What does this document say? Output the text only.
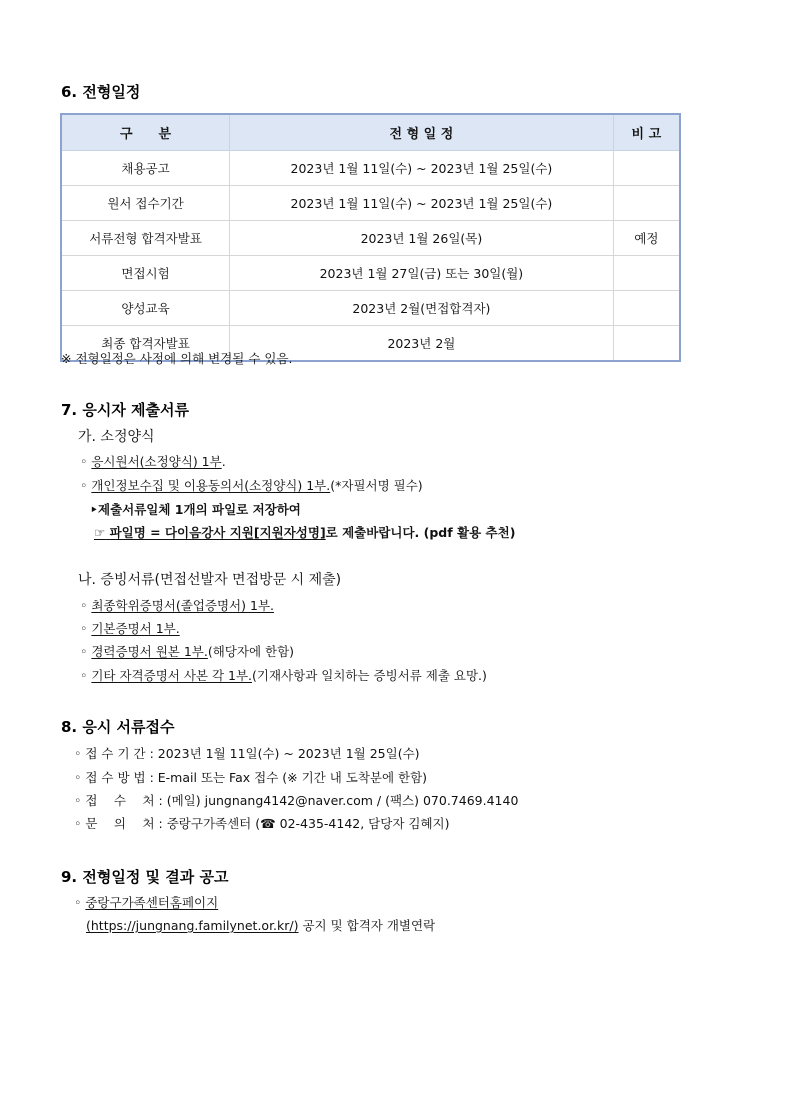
6. 전형일정
구　　분	전 형 일 정	비 고
채용공고	2023년 1월 11일(수) ~ 2023년 1월 25일(수)	
원서 접수기간	2023년 1월 11일(수) ~ 2023년 1월 25일(수)	
서류전형 합격자발표	2023년 1월 26일(목)	예정
면접시험	2023년 1월 27일(금) 또는 30일(월)	
양성교육	2023년 2월(면접합격자)	
최종 합격자발표	2023년 2월	
※ 전형일정은 사정에 의해 변경될 수 있음.
7. 응시자 제출서류
가. 소정양식
◦ 응시원서(소정양식) 1부.
◦ 개인정보수집 및 이용동의서(소정양식) 1부.(*자필서명 필수)
‣제출서류일체 1개의 파일로 저장하여
☞ 파일명 = 다이음강사 지원[지원자성명]로 제출바랍니다. (pdf 활용 추천)
나. 증빙서류(면접선발자 면접방문 시 제출)
◦ 최종학위증명서(졸업증명서) 1부.
◦ 기본증명서 1부.
◦ 경력증명서 원본 1부.(해당자에 한함)
◦ 기타 자격증명서 사본 각 1부.(기재사항과 일치하는 증빙서류 제출 요망.)
8. 응시 서류접수
◦ 접 수 기 간 : 2023년 1월 11일(수) ~ 2023년 1월 25일(수)
◦ 접 수 방 법 : E-mail 또는 Fax 접수 (※ 기간 내 도착분에 한함)
◦ 접　 수　 처 : (메일) jungnang4142@naver.com / (팩스) 070.7469.4140
◦ 문　 의　 처 : 중랑구가족센터 (☎ 02-435-4142, 담당자 김혜지)
9. 전형일정 및 결과 공고
◦ 중랑구가족센터홈페이지
(https://jungnang.familynet.or.kr/) 공지 및 합격자 개별연락
